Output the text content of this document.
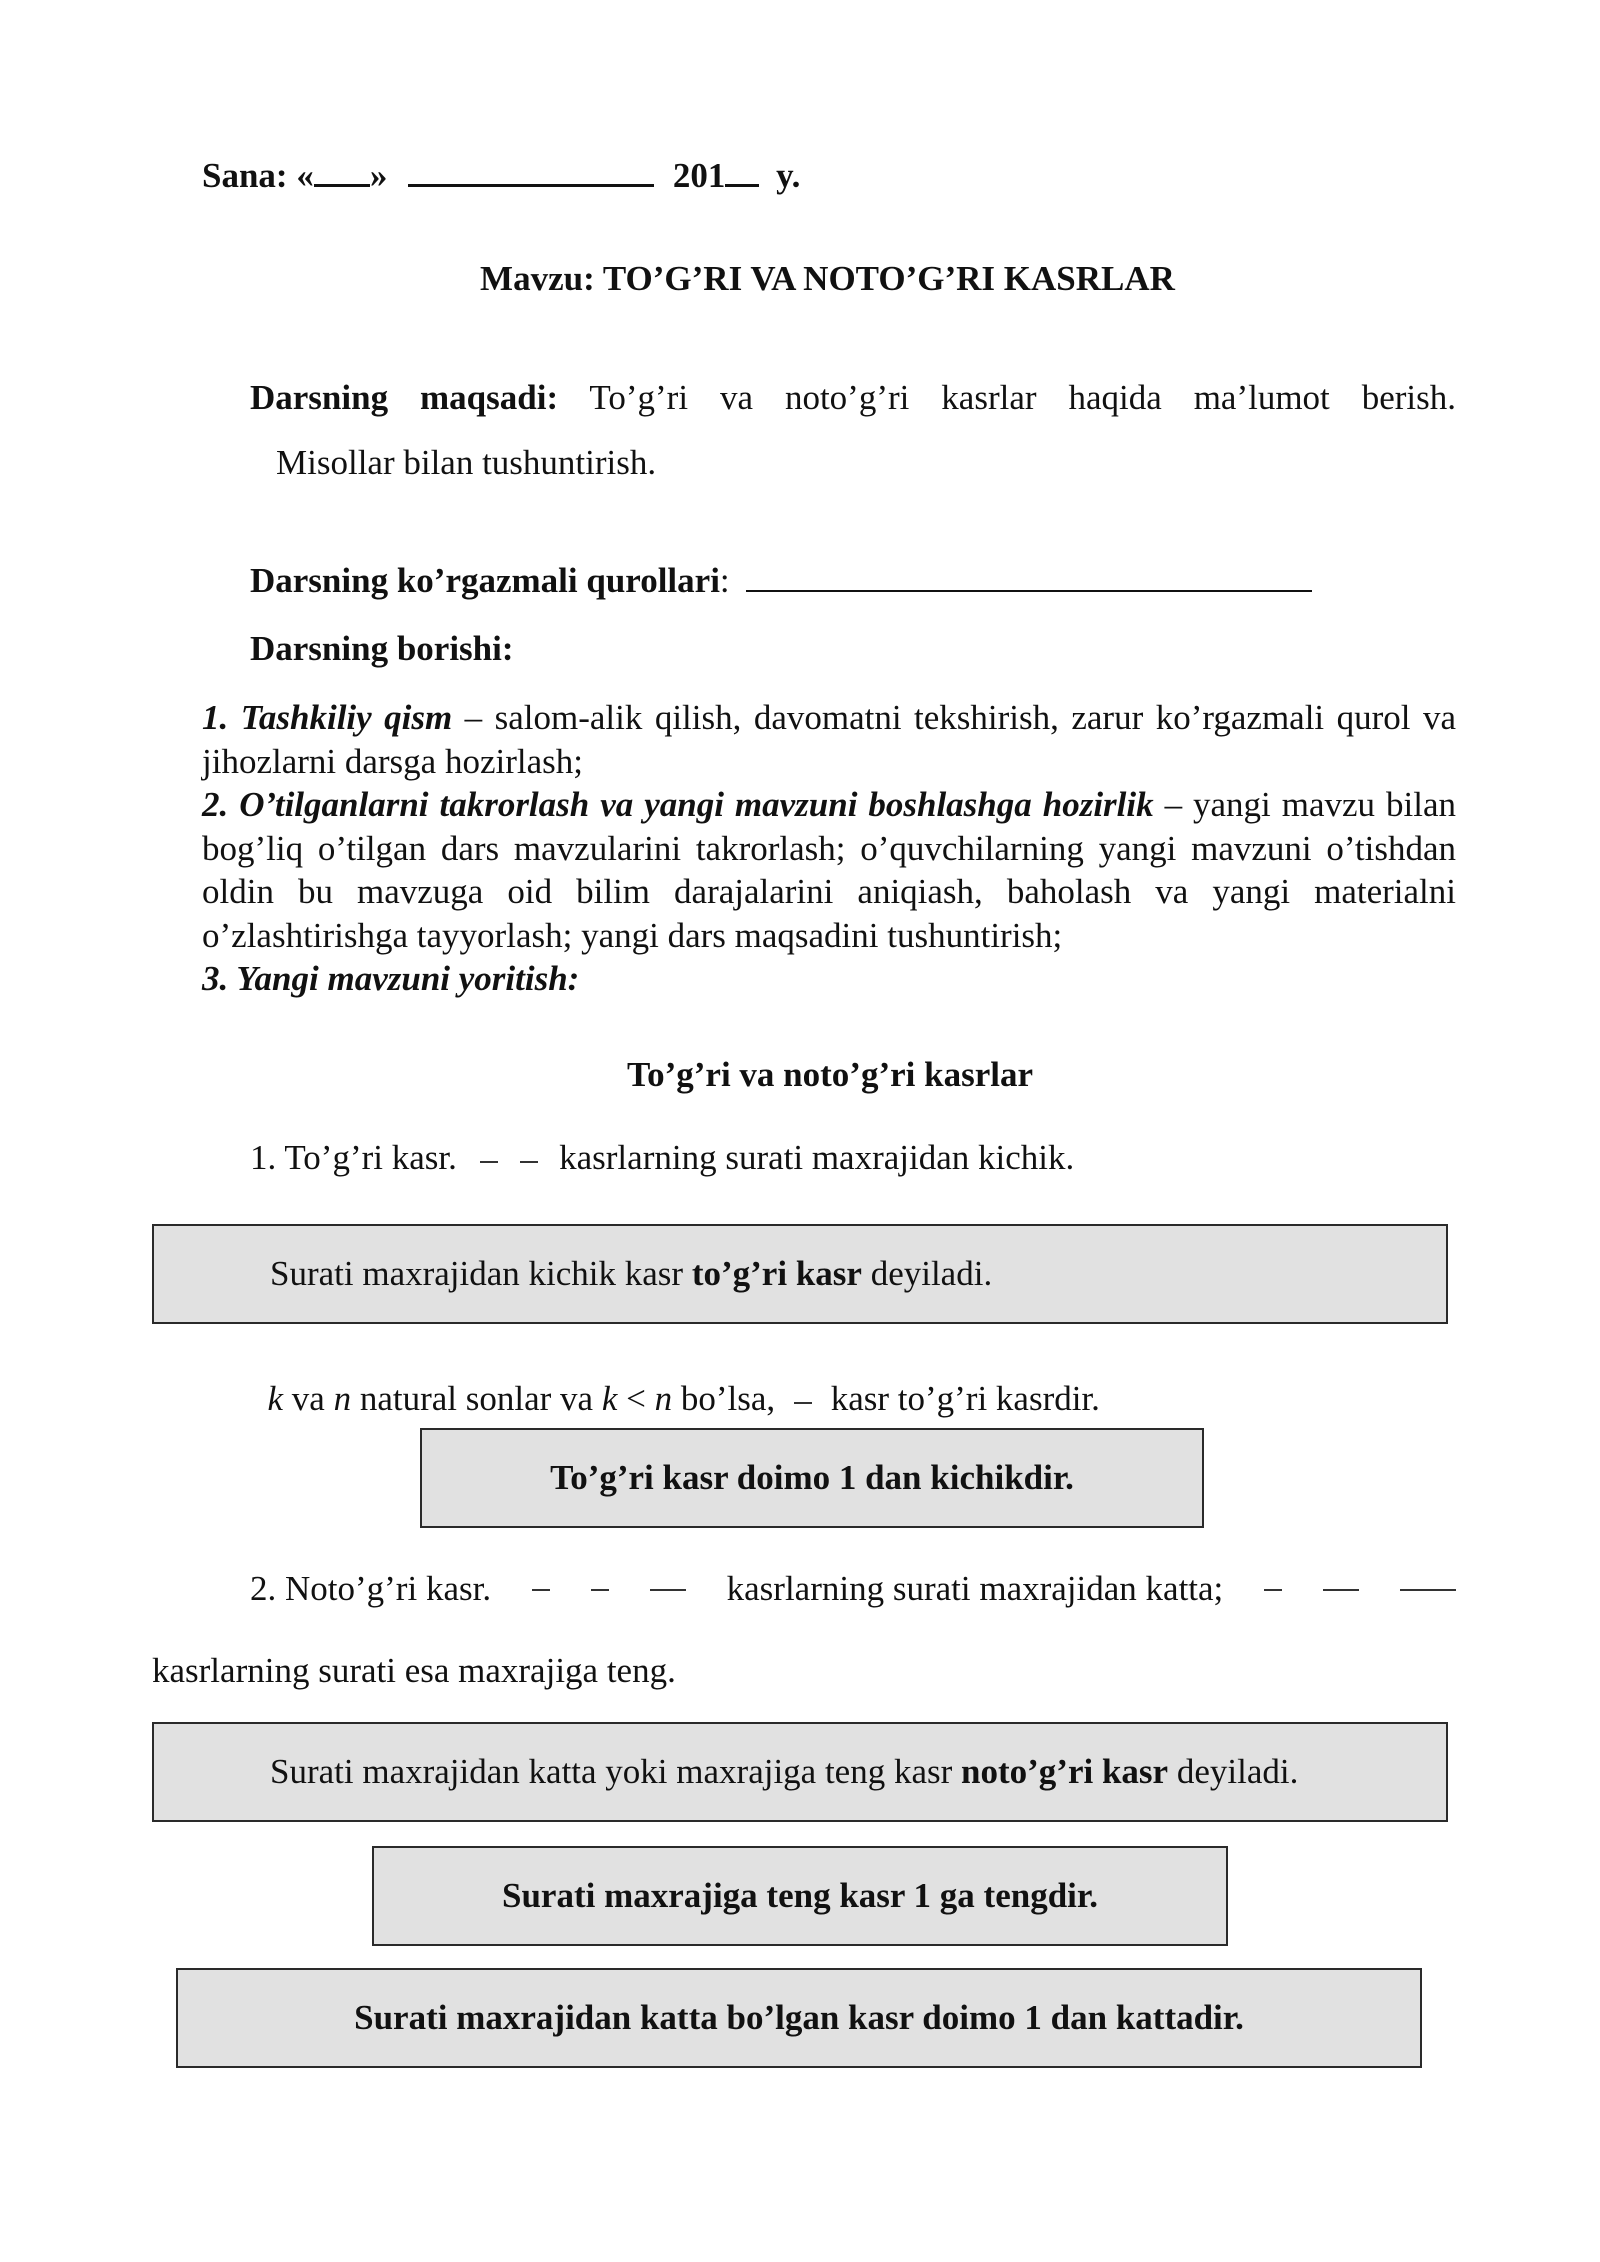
Sana: « »	201 y.
Mavzu: TO’G’RI VA NOTO’G’RI KASRLAR
Darsning maqsadi: To’g’ri va noto’g’ri kasrlar haqida ma’lumot berish.
Misollar bilan tushuntirish.
Darsning ko’rgazmali qurollari:
Darsning borishi:
1. Tashkiliy qism – salom-alik qilish, davomatni tekshirish, zarur ko’rgazmali qurol va jihozlarni darsga hozirlash;
2. O’tilganlarni takrorlash va yangi mavzuni boshlashga hozirlik – yangi mavzu bilan bog’liq o’tilgan dars mavzularini takrorlash; o’quvchilarning yangi mavzuni o’tishdan oldin bu mavzuga oid bilim darajalarini aniqiash, baholash va yangi materialni o’zlashtirishga tayyorlash; yangi dars maqsadini tushuntirish;
3. Yangi mavzuni yoritish:
To’g’ri va noto’g’ri kasrlar
1. To’g’ri kasr.	kasrlarning surati maxrajidan kichik.
Surati maxrajidan kichik kasr to’g’ri kasr deyiladi.

k va n natural sonlar va k < n bo’lsa, kasr to’g’ri kasrdir.

To’g’ri kasr doimo 1 dan kichikdir.
2. Noto’g’ri kasr.	kasrlarning surati maxrajidan katta;
kasrlarning surati esa maxrajiga teng.
Surati maxrajidan katta yoki maxrajiga teng kasr noto’g’ri kasr deyiladi.
Surati maxrajiga teng kasr 1 ga tengdir.
Surati maxrajidan katta bo’lgan kasr doimo 1 dan kattadir.
